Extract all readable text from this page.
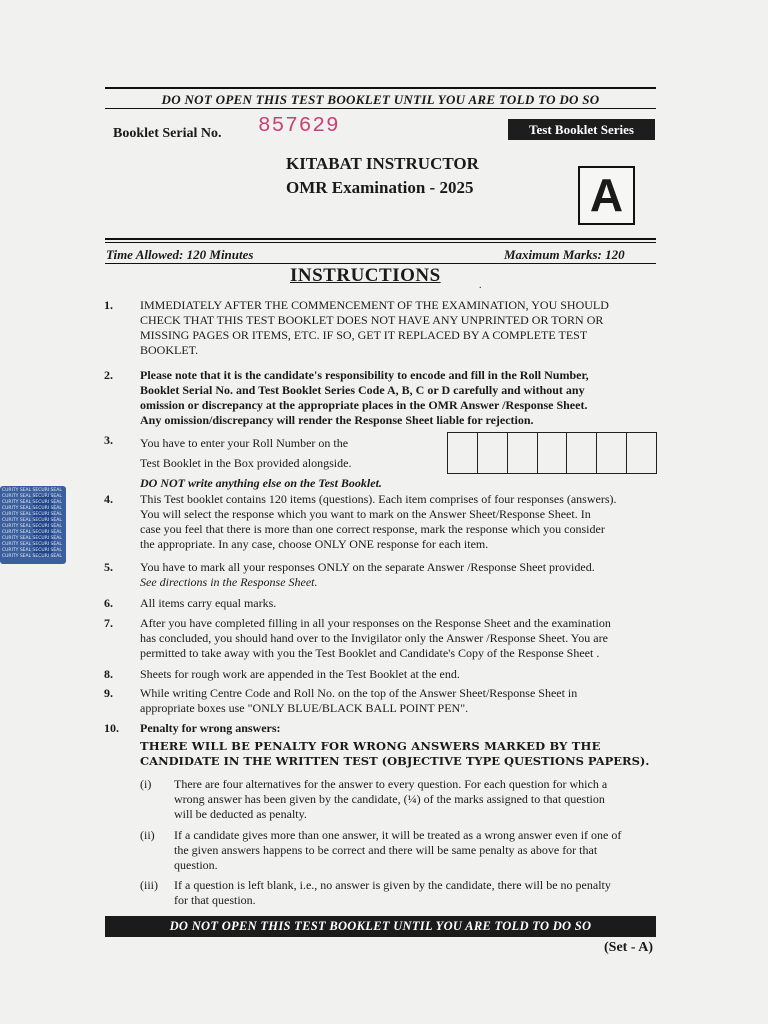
DO NOT OPEN THIS TEST BOOKLET UNTIL YOU ARE TOLD TO DO SO
Booklet Serial No. 857629	Test Booklet Series
KITABAT INSTRUCTOR
OMR Examination - 2025	A
Time Allowed: 120 Minutes	Maximum Marks: 120
INSTRUCTIONS	.
1. IMMEDIATELY AFTER THE COMMENCEMENT OF THE EXAMINATION, YOU SHOULD
CHECK THAT THIS TEST BOOKLET DOES NOT HAVE ANY UNPRINTED OR TORN OR
MISSING PAGES OR ITEMS, ETC. IF SO, GET IT REPLACED BY A COMPLETE TEST
BOOKLET.
2. Please note that it is the candidate's responsibility to encode and fill in the Roll Number,
Booklet Serial No. and Test Booklet Series Code A, B, C or D carefully and without any
omission or discrepancy at the appropriate places in the OMR Answer /Response Sheet.
Any omission/discrepancy will render the Response Sheet liable for rejection.
3. You have to enter your Roll Number on the
Test Booklet in the Box provided alongside.
DO NOT write anything else on the Test Booklet.
CURITY SEAL SECURI SEAL
CURITY SEAL SECURI SEAL
CURITY SEAL SECURI SEAL
CURITY SEAL SECURI SEAL
CURITY SEAL SECURI SEAL
CURITY SEAL SECURI SEAL
CURITY SEAL SECURI SEAL
CURITY SEAL SECURI SEAL
CURITY SEAL SECURI SEAL
CURITY SEAL SECURI SEAL
CURITY SEAL SECURI SEAL
CURITY SEAL SECURI SEAL
4. This Test booklet contains 120 items (questions). Each item comprises of four responses (answers).
You will select the response which you want to mark on the Answer Sheet/Response Sheet. In
case you feel that there is more than one correct response, mark the response which you consider
the appropriate. In any case, choose ONLY ONE response for each item.
5. You have to mark all your responses ONLY on the separate Answer /Response Sheet provided.
See directions in the Response Sheet.
6. All items carry equal marks.
7. After you have completed filling in all your responses on the Response Sheet and the examination
has concluded, you should hand over to the Invigilator only the Answer /Response Sheet. You are
permitted to take away with you the Test Booklet and Candidate's Copy of the Response Sheet .
8. Sheets for rough work are appended in the Test Booklet at the end.
9. While writing Centre Code and Roll No. on the top of the Answer Sheet/Response Sheet in
appropriate boxes use "ONLY BLUE/BLACK BALL POINT PEN".
10. Penalty for wrong answers:
THERE WILL BE PENALTY FOR WRONG ANSWERS MARKED BY THE
CANDIDATE IN THE WRITTEN TEST (OBJECTIVE TYPE QUESTIONS PAPERS).
(i) There are four alternatives for the answer to every question. For each question for which a
wrong answer has been given by the candidate, (¼) of the marks assigned to that question
will be deducted as penalty.
(ii) If a candidate gives more than one answer, it will be treated as a wrong answer even if one of
the given answers happens to be correct and there will be same penalty as above for that
question.
(iii) If a question is left blank, i.e., no answer is given by the candidate, there will be no penalty
for that question.
DO NOT OPEN THIS TEST BOOKLET UNTIL YOU ARE TOLD TO DO SO
(Set - A)
